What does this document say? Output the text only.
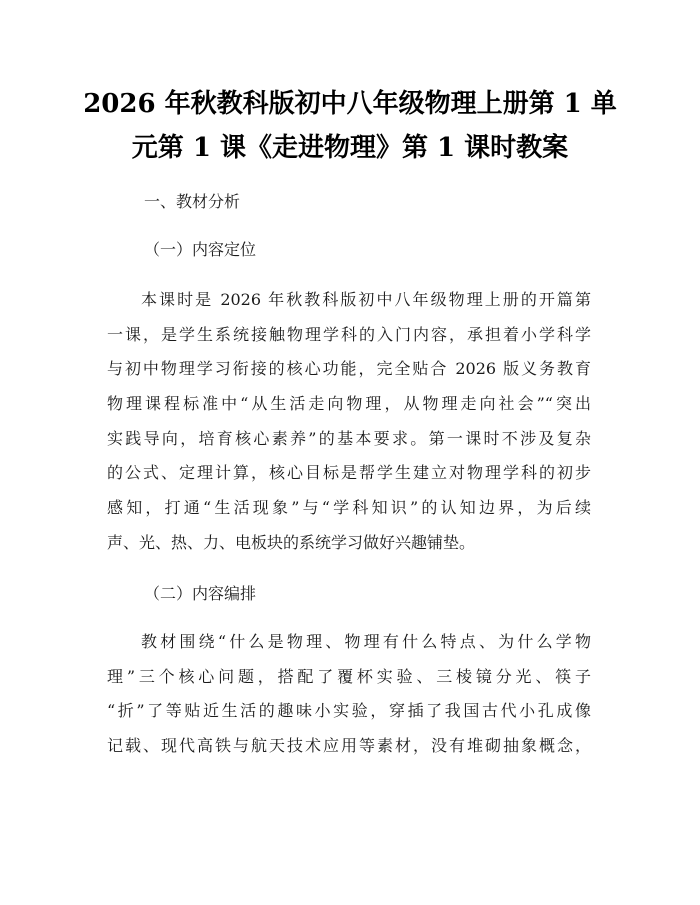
2026 年秋教科版初中八年级物理上册第 1 单
元第 1 课《走进物理》第 1 课时教案
一、教材分析
（一）内容定位
本课时是 2026 年秋教科版初中八年级物理上册的开篇第
一课，是学生系统接触物理学科的入门内容，承担着小学科学
与初中物理学习衔接的核心功能，完全贴合 2026 版义务教育
物理课程标准中“从生活走向物理，从物理走向社会”“突出
实践导向，培育核心素养”的基本要求。第一课时不涉及复杂
的公式、定理计算，核心目标是帮学生建立对物理学科的初步
感知，打通“生活现象”与“学科知识”的认知边界，为后续
声、光、热、力、电板块的系统学习做好兴趣铺垫。
（二）内容编排
教材围绕“什么是物理、物理有什么特点、为什么学物
理”三个核心问题，搭配了覆杯实验、三棱镜分光、筷子
“折”了等贴近生活的趣味小实验，穿插了我国古代小孔成像
记载、现代高铁与航天技术应用等素材，没有堆砌抽象概念，
